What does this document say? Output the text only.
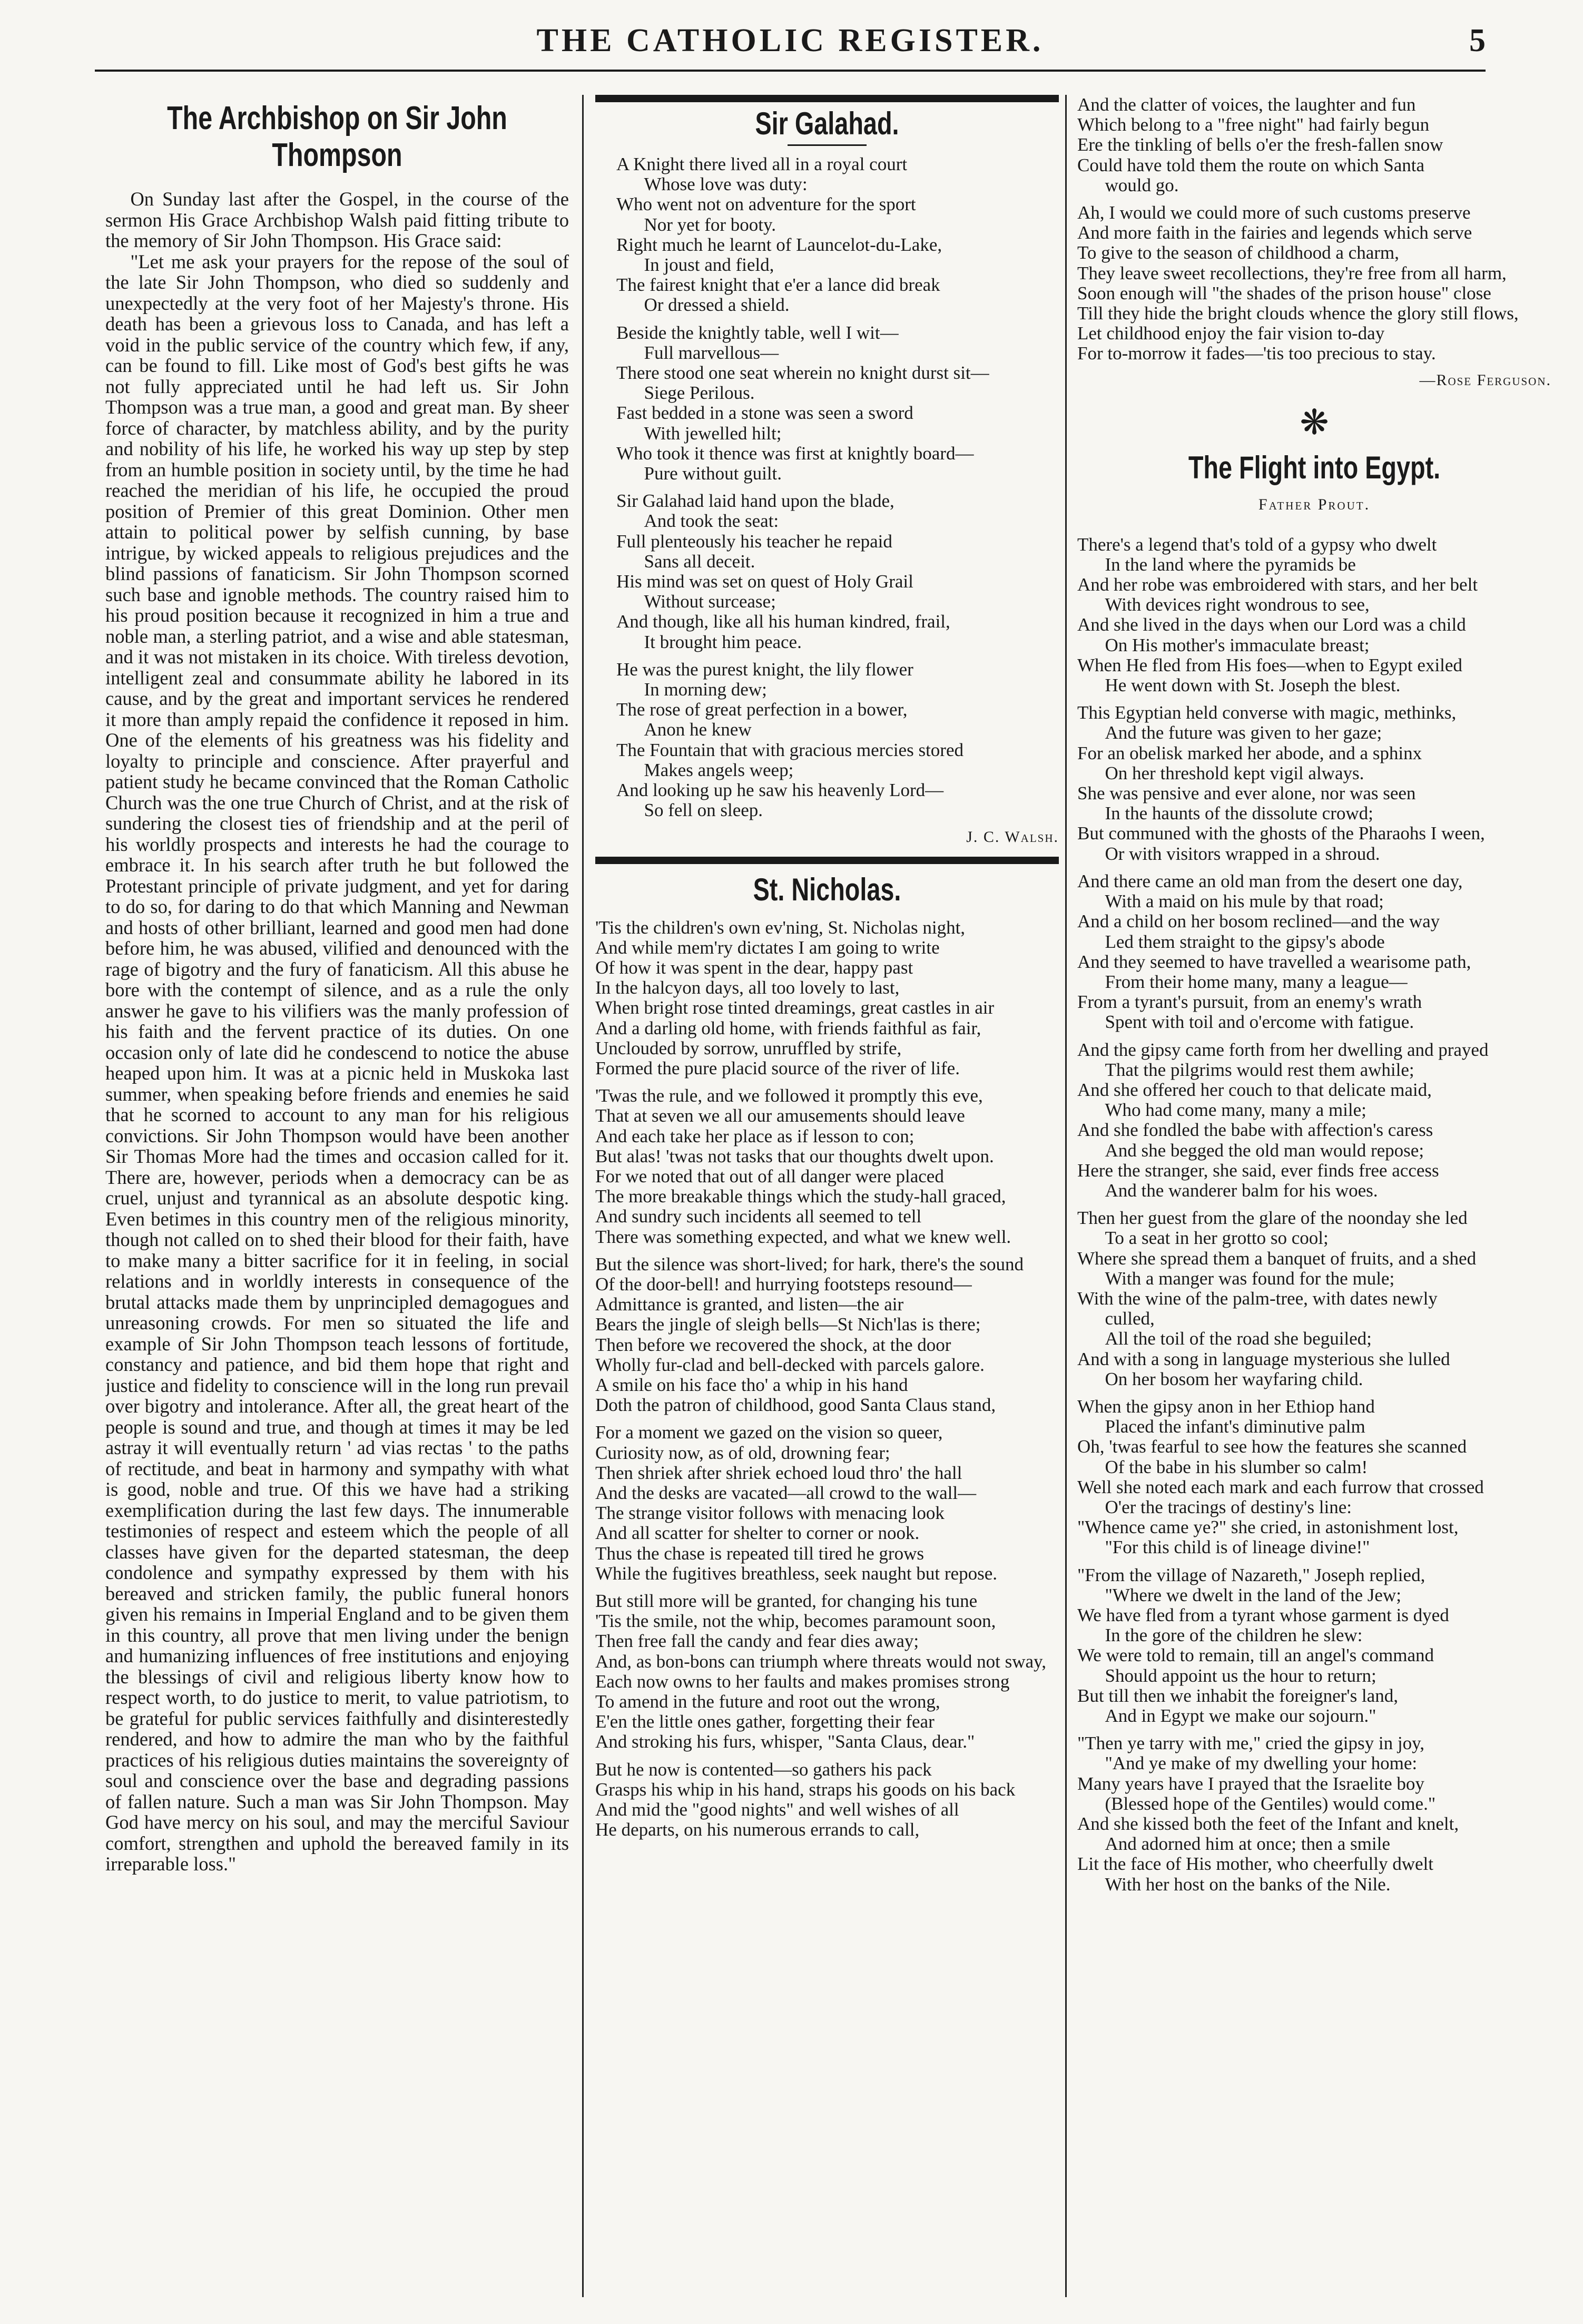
THE CATHOLIC REGISTER.	5
The Archbishop on Sir John Thompson

On Sunday last after the Gospel, in the course of the sermon His Grace Archbishop Walsh paid fitting tribute to the memory of Sir John Thompson. His Grace said:

"Let me ask your prayers for the repose of the soul of the late Sir John Thompson, who died so suddenly and unexpectedly at the very foot of her Majesty's throne. His death has been a grievous loss to Canada, and has left a void in the public service of the country which few, if any, can be found to fill. Like most of God's best gifts he was not fully appreciated until he had left us. Sir John Thompson was a true man, a good and great man. By sheer force of character, by matchless ability, and by the purity and nobility of his life, he worked his way up step by step from an humble position in society until, by the time he had reached the meridian of his life, he occupied the proud position of Premier of this great Dominion. Other men attain to political power by selfish cunning, by base intrigue, by wicked appeals to religious prejudices and the blind passions of fanaticism. Sir John Thompson scorned such base and ignoble methods. The country raised him to his proud position because it recognized in him a true and noble man, a sterling patriot, and a wise and able statesman, and it was not mistaken in its choice. With tireless devotion, intelligent zeal and consummate ability he labored in its cause, and by the great and important services he rendered it more than amply repaid the confidence it reposed in him. One of the elements of his greatness was his fidelity and loyalty to principle and conscience. After prayerful and patient study he became convinced that the Roman Catholic Church was the one true Church of Christ, and at the risk of sundering the closest ties of friendship and at the peril of his worldly prospects and interests he had the courage to embrace it. In his search after truth he but followed the Protestant principle of private judgment, and yet for daring to do so, for daring to do that which Manning and Newman and hosts of other brilliant, learned and good men had done before him, he was abused, vilified and denounced with the rage of bigotry and the fury of fanaticism. All this abuse he bore with the contempt of silence, and as a rule the only answer he gave to his vilifiers was the manly profession of his faith and the fervent practice of its duties. On one occasion only of late did he condescend to notice the abuse heaped upon him. It was at a picnic held in Muskoka last summer, when speaking before friends and enemies he said that he scorned to account to any man for his religious convictions. Sir John Thompson would have been another Sir Thomas More had the times and occasion called for it. There are, however, periods when a democracy can be as cruel, unjust and tyrannical as an absolute despotic king. Even betimes in this country men of the religious minority, though not called on to shed their blood for their faith, have to make many a bitter sacrifice for it in feeling, in social relations and in worldly interests in consequence of the brutal attacks made them by unprincipled demagogues and unreasoning crowds. For men so situated the life and example of Sir John Thompson teach lessons of fortitude, constancy and patience, and bid them hope that right and justice and fidelity to conscience will in the long run prevail over bigotry and intolerance. After all, the great heart of the people is sound and true, and though at times it may be led astray it will eventually return ' ad vias rectas ' to the paths of rectitude, and beat in harmony and sympathy with what is good, noble and true. Of this we have had a striking exemplification during the last few days. The innumerable testimonies of respect and esteem which the people of all classes have given for the departed statesman, the deep condolence and sympathy expressed by them with his bereaved and stricken family, the public funeral honors given his remains in Imperial England and to be given them in this country, all prove that men living under the benign and humanizing influences of free institutions and enjoying the blessings of civil and religious liberty know how to respect worth, to do justice to merit, to value patriotism, to be grateful for public services faithfully and disinterestedly rendered, and how to admire the man who by the faithful practices of his religious duties maintains the sovereignty of soul and conscience over the base and degrading passions of fallen nature. Such a man was Sir John Thompson. May God have mercy on his soul, and may the merciful Saviour comfort, strengthen and uphold the bereaved family in its irreparable loss."

Sir Galahad.
A Knight there lived all in a royal court
Whose love was duty:
Who went not on adventure for the sport
Nor yet for booty.
Right much he learnt of Launcelot-du-Lake,
In joust and field,
The fairest knight that e'er a lance did break
Or dressed a shield.
Beside the knightly table, well I wit—
Full marvellous—
There stood one seat wherein no knight durst sit—
Siege Perilous.
Fast bedded in a stone was seen a sword
With jewelled hilt;
Who took it thence was first at knightly board—
Pure without guilt.
Sir Galahad laid hand upon the blade,
And took the seat:
Full plenteously his teacher he repaid
Sans all deceit.
His mind was set on quest of Holy Grail
Without surcease;
And though, like all his human kindred, frail,
It brought him peace.
He was the purest knight, the lily flower
In morning dew;
The rose of great perfection in a bower,
Anon he knew
The Fountain that with gracious mercies stored
Makes angels weep;
And looking up he saw his heavenly Lord—
So fell on sleep.
J. C. Walsh.
St. Nicholas.
'Tis the children's own ev'ning, St. Nicholas night,
And while mem'ry dictates I am going to write
Of how it was spent in the dear, happy past
In the halcyon days, all too lovely to last,
When bright rose tinted dreamings, great castles in air
And a darling old home, with friends faithful as fair,
Unclouded by sorrow, unruffled by strife,
Formed the pure placid source of the river of life.
'Twas the rule, and we followed it promptly this eve,
That at seven we all our amusements should leave
And each take her place as if lesson to con;
But alas! 'twas not tasks that our thoughts dwelt upon.
For we noted that out of all danger were placed
The more breakable things which the study-hall graced,
And sundry such incidents all seemed to tell
There was something expected, and what we knew well.
But the silence was short-lived; for hark, there's the sound
Of the door-bell! and hurrying footsteps resound—
Admittance is granted, and listen—the air
Bears the jingle of sleigh bells—St Nich'las is there;
Then before we recovered the shock, at the door
Wholly fur-clad and bell-decked with parcels galore.
A smile on his face tho' a whip in his hand
Doth the patron of childhood, good Santa Claus stand,
For a moment we gazed on the vision so queer,
Curiosity now, as of old, drowning fear;
Then shriek after shriek echoed loud thro' the hall
And the desks are vacated—all crowd to the wall—
The strange visitor follows with menacing look
And all scatter for shelter to corner or nook.
Thus the chase is repeated till tired he grows
While the fugitives breathless, seek naught but repose.
But still more will be granted, for changing his tune
'Tis the smile, not the whip, becomes paramount soon,
Then free fall the candy and fear dies away;
And, as bon-bons can triumph where threats would not sway,
Each now owns to her faults and makes promises strong
To amend in the future and root out the wrong,
E'en the little ones gather, forgetting their fear
And stroking his furs, whisper, "Santa Claus, dear."
But he now is contented—so gathers his pack
Grasps his whip in his hand, straps his goods on his back
And mid the "good nights" and well wishes of all
He departs, on his numerous errands to call,
And the clatter of voices, the laughter and fun
Which belong to a "free night" had fairly begun
Ere the tinkling of bells o'er the fresh-fallen snow
Could have told them the route on which Santa
would go.
Ah, I would we could more of such customs preserve
And more faith in the fairies and legends which serve
To give to the season of childhood a charm,
They leave sweet recollections, they're free from all harm,
Soon enough will "the shades of the prison house" close
Till they hide the bright clouds whence the glory still flows,
Let childhood enjoy the fair vision to-day
For to-morrow it fades—'tis too precious to stay.
—Rose Ferguson.
❋
The Flight into Egypt.
Father Prout.
There's a legend that's told of a gypsy who dwelt
In the land where the pyramids be
And her robe was embroidered with stars, and her belt
With devices right wondrous to see,
And she lived in the days when our Lord was a child
On His mother's immaculate breast;
When He fled from His foes—when to Egypt exiled
He went down with St. Joseph the blest.
This Egyptian held converse with magic, methinks,
And the future was given to her gaze;
For an obelisk marked her abode, and a sphinx
On her threshold kept vigil always.
She was pensive and ever alone, nor was seen
In the haunts of the dissolute crowd;
But communed with the ghosts of the Pharaohs I ween,
Or with visitors wrapped in a shroud.
And there came an old man from the desert one day,
With a maid on his mule by that road;
And a child on her bosom reclined—and the way
Led them straight to the gipsy's abode
And they seemed to have travelled a wearisome path,
From their home many, many a league—
From a tyrant's pursuit, from an enemy's wrath
Spent with toil and o'ercome with fatigue.
And the gipsy came forth from her dwelling and prayed
That the pilgrims would rest them awhile;
And she offered her couch to that delicate maid,
Who had come many, many a mile;
And she fondled the babe with affection's caress
And she begged the old man would repose;
Here the stranger, she said, ever finds free access
And the wanderer balm for his woes.
Then her guest from the glare of the noonday she led
To a seat in her grotto so cool;
Where she spread them a banquet of fruits, and a shed
With a manger was found for the mule;
With the wine of the palm-tree, with dates newly
culled,
All the toil of the road she beguiled;
And with a song in language mysterious she lulled
On her bosom her wayfaring child.
When the gipsy anon in her Ethiop hand
Placed the infant's diminutive palm
Oh, 'twas fearful to see how the features she scanned
Of the babe in his slumber so calm!
Well she noted each mark and each furrow that crossed
O'er the tracings of destiny's line:
"Whence came ye?" she cried, in astonishment lost,
"For this child is of lineage divine!"
"From the village of Nazareth," Joseph replied,
"Where we dwelt in the land of the Jew;
We have fled from a tyrant whose garment is dyed
In the gore of the children he slew:
We were told to remain, till an angel's command
Should appoint us the hour to return;
But till then we inhabit the foreigner's land,
And in Egypt we make our sojourn."
"Then ye tarry with me," cried the gipsy in joy,
"And ye make of my dwelling your home:
Many years have I prayed that the Israelite boy
(Blessed hope of the Gentiles) would come."
And she kissed both the feet of the Infant and knelt,
And adorned him at once; then a smile
Lit the face of His mother, who cheerfully dwelt
With her host on the banks of the Nile.
